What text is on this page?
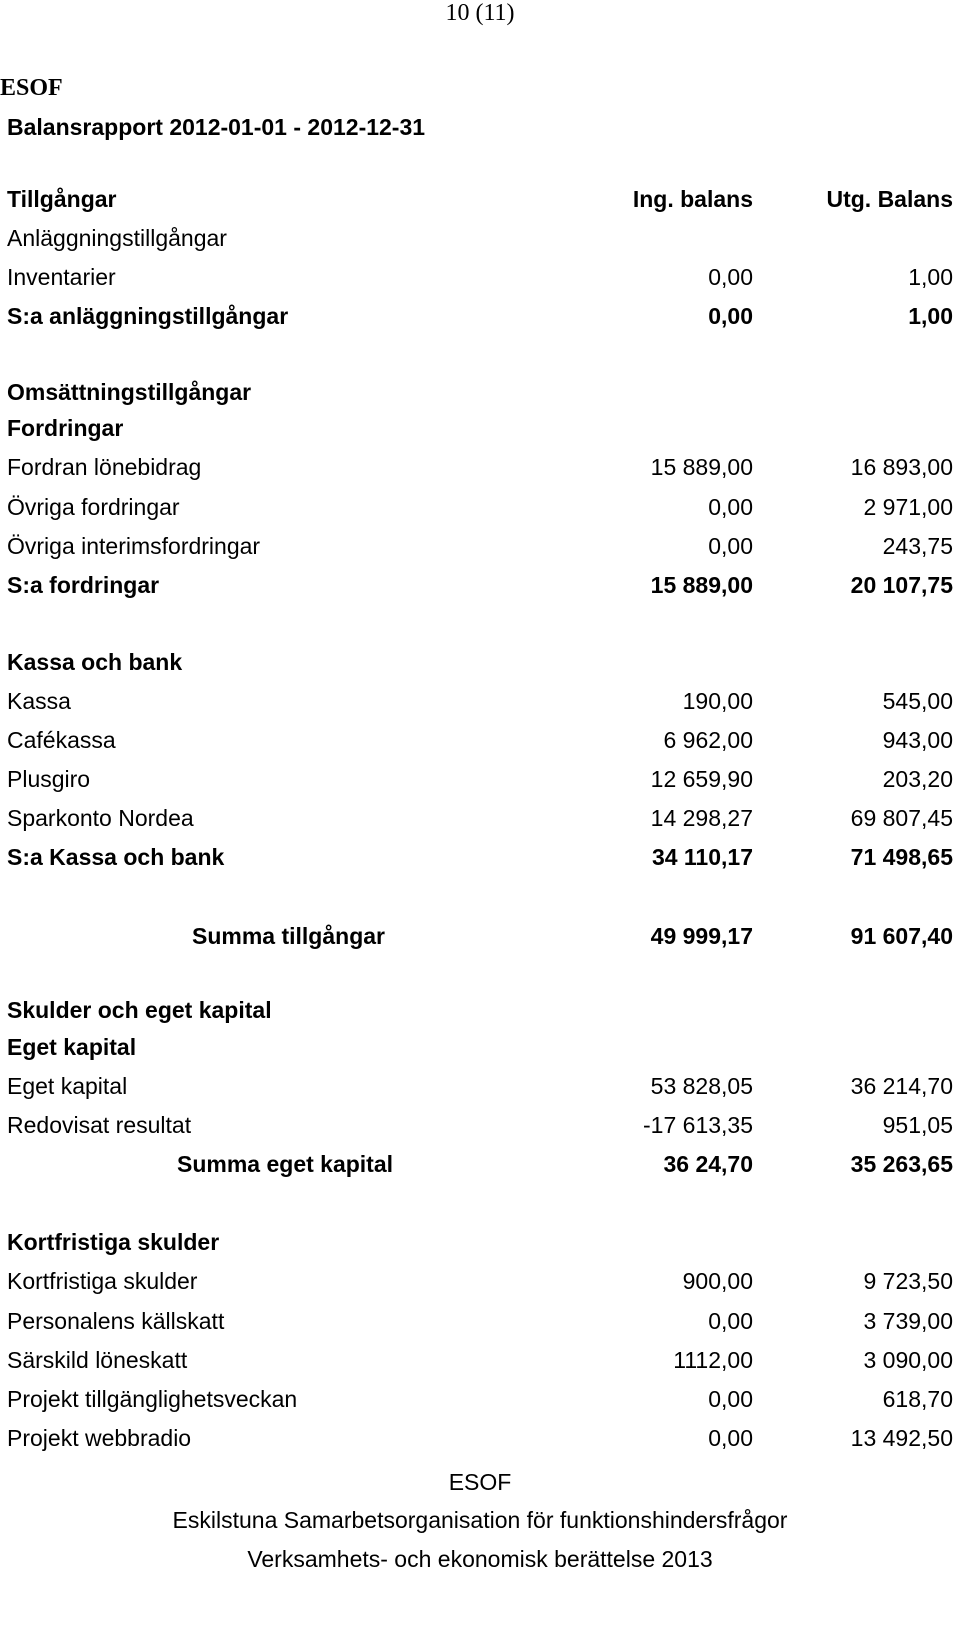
10 (11)
ESOF
Balansrapport 2012-01-01 - 2012-12-31
Tillgångar	Ing. balans	Utg. Balans
Anläggningstillgångar
Inventarier	0,00	1,00
S:a anläggningstillgångar	0,00	1,00
Omsättningstillgångar
Fordringar
Fordran lönebidrag	15 889,00	16 893,00
Övriga fordringar	0,00	2 971,00
Övriga interimsfordringar	0,00	243,75
S:a fordringar	15 889,00	20 107,75
Kassa och bank
Kassa	190,00	545,00
Cafékassa	6 962,00	943,00
Plusgiro	12 659,90	203,20
Sparkonto Nordea	14 298,27	69 807,45
S:a Kassa och bank	34 110,17	71 498,65
Summa tillgångar	49 999,17	91 607,40
Skulder och eget kapital
Eget kapital
Eget kapital	53 828,05	36 214,70
Redovisat resultat	-17 613,35	951,05
Summa eget kapital	36 24,70	35 263,65
Kortfristiga skulder
Kortfristiga skulder	900,00	9 723,50
Personalens källskatt	0,00	3 739,00
Särskild löneskatt	1112,00	3 090,00
Projekt tillgänglighetsveckan	0,00	618,70
Projekt webbradio	0,00	13 492,50
ESOF
Eskilstuna Samarbetsorganisation för funktionshindersfrågor
Verksamhets- och ekonomisk berättelse 2013
